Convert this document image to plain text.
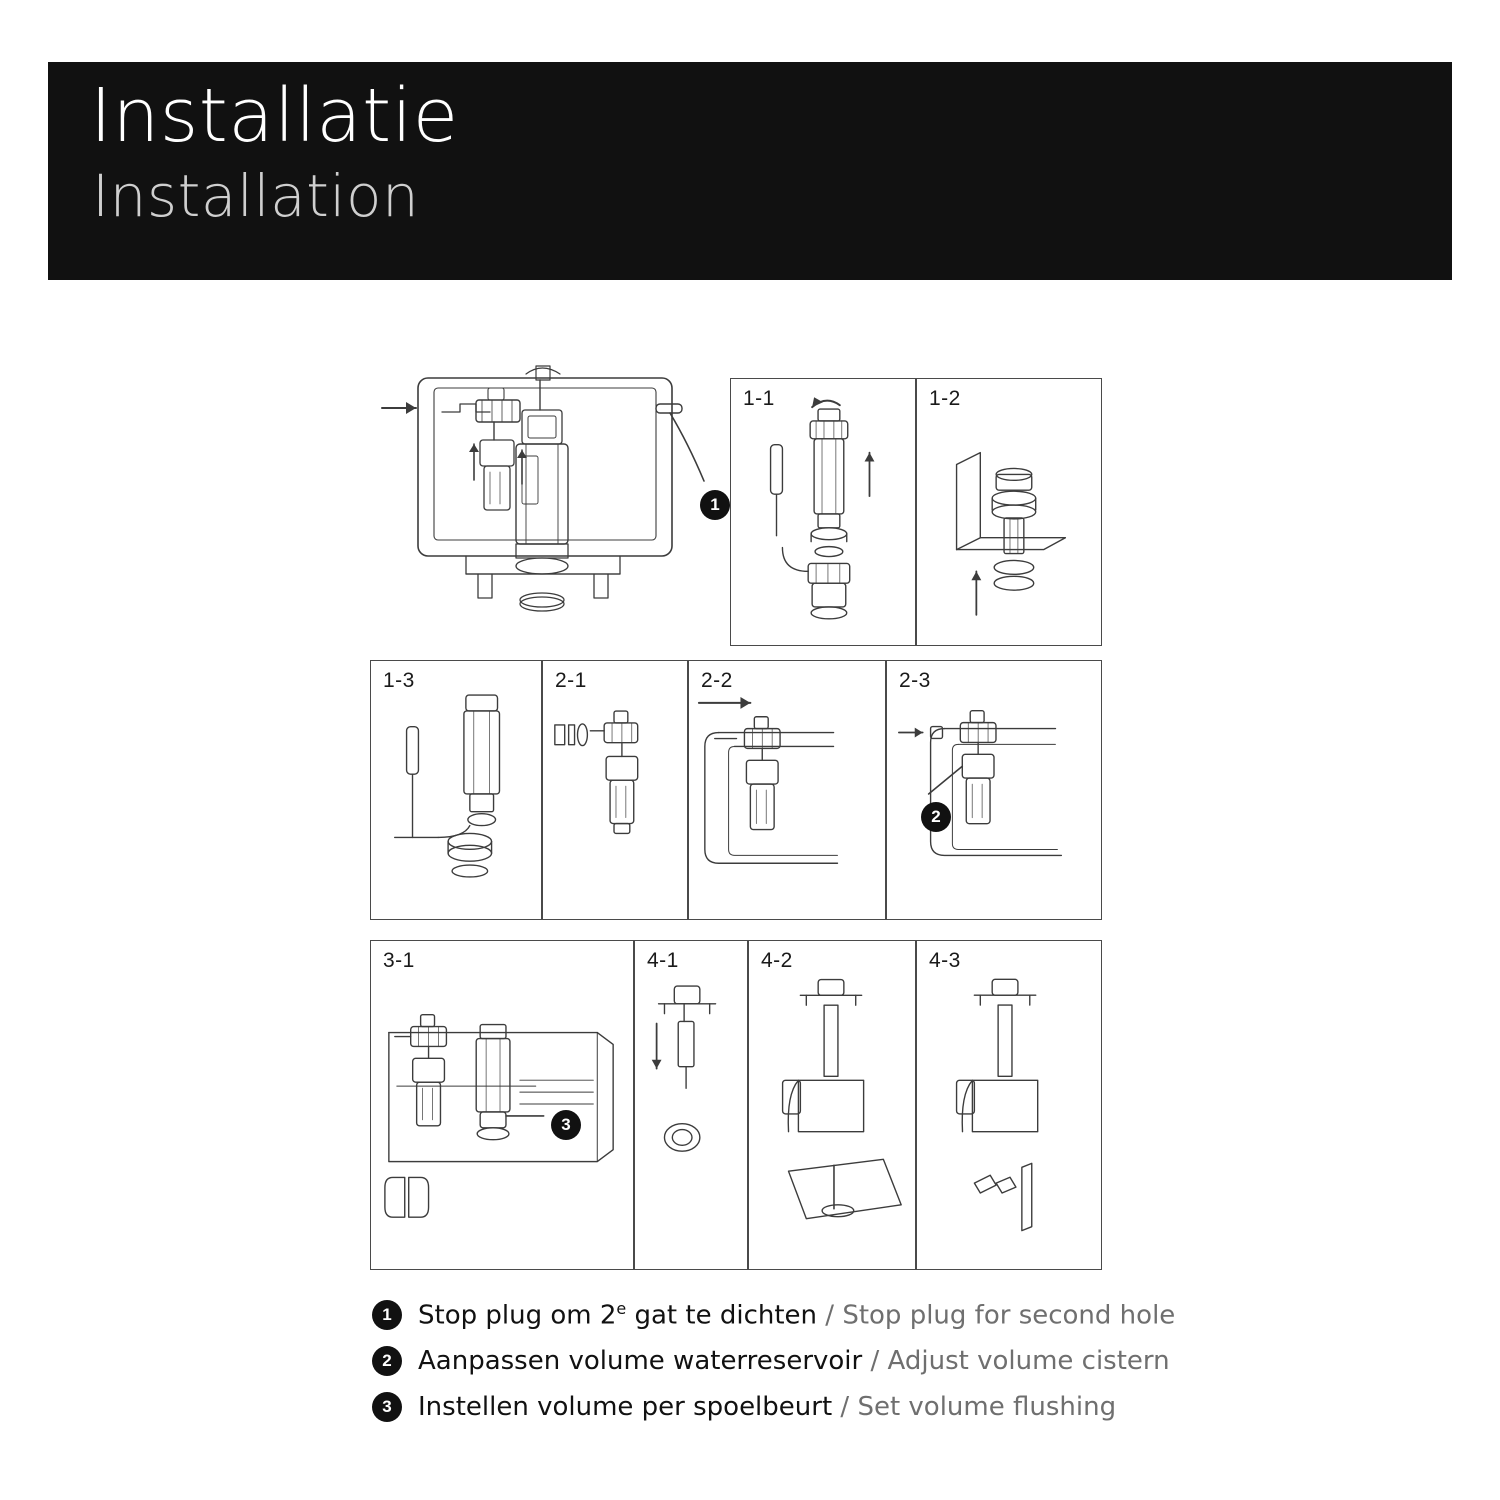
Installatie
Installation
1
1-1	1-2
1-3	2-1	2-2	2-3
2
3-1
3
4-1	4-2	4-3
1	Stop plug om 2e gat te dichten / Stop plug for second hole
2	Aanpassen volume waterreservoir / Adjust volume cistern
3	Instellen volume per spoelbeurt / Set volume flushing
